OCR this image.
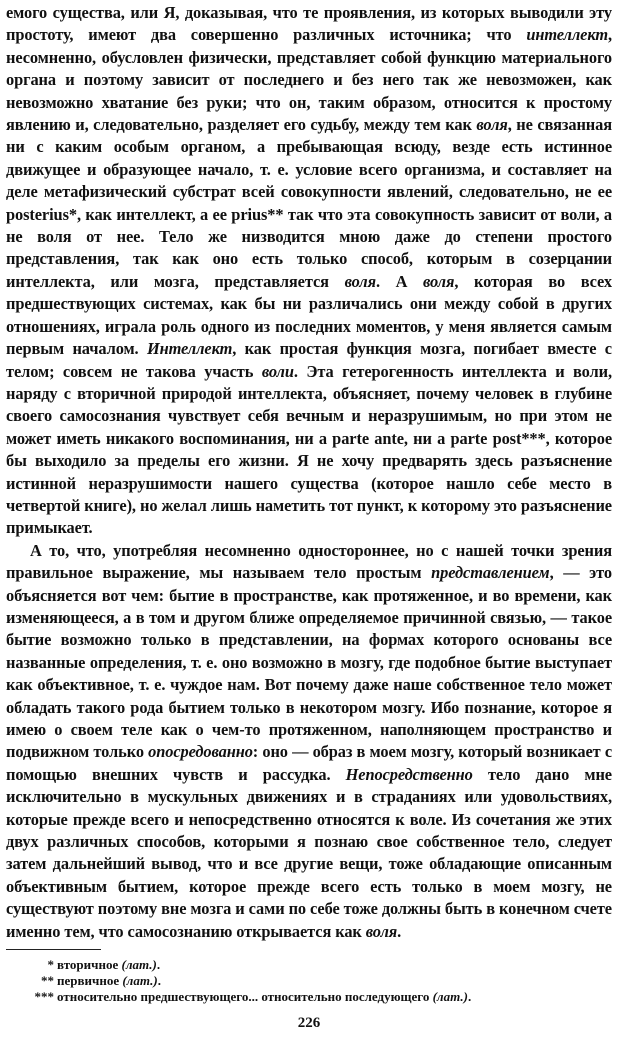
емого существа, или Я, доказывая, что те проявления, из которых выводили эту простоту, имеют два совершенно различных источника; что интеллект, несомненно, обусловлен физически, представляет собой функцию материального органа и поэтому зависит от последнего и без него так же невозможен, как невозможно хватание без руки; что он, таким образом, относится к простому явлению и, следовательно, разделяет его судьбу, между тем как воля, не связанная ни с каким особым органом, а пребывающая всюду, везде есть истинное движущее и образующее начало, т. е. условие всего организма, и составляет на деле метафизический субстрат всей совокупности явлений, следовательно, не ее posterius*, как интеллект, а ее prius** так что эта совокупность зависит от воли, а не воля от нее. Тело же низводится мною даже до степени простого представления, так как оно есть только способ, которым в созерцании интеллекта, или мозга, представляется воля. А воля, которая во всех предшествующих системах, как бы ни различались они между собой в других отношениях, играла роль одного из последних моментов, у меня является самым первым началом. Интеллект, как простая функция мозга, погибает вместе с телом; совсем не такова участь воли. Эта гетерогенность интеллекта и воли, наряду с вторичной природой интеллекта, объясняет, почему человек в глубине своего самосознания чувствует себя вечным и неразрушимым, но при этом не может иметь никакого воспоминания, ни a parte ante, ни a parte post***, которое бы выходило за пределы его жизни. Я не хочу предварять здесь разъяснение истинной неразрушимости нашего существа (которое нашло себе место в четвертой книге), но желал лишь наметить тот пункт, к которому это разъяснение примыкает.

А то, что, употребляя несомненно одностороннее, но с нашей точки зрения правильное выражение, мы называем тело простым представлением, — это объясняется вот чем: бытие в пространстве, как протяженное, и во времени, как изменяющееся, а в том и другом ближе определяемое причинной связью, — такое бытие возможно только в представлении, на формах которого основаны все названные определения, т. е. оно возможно в мозгу, где подобное бытие выступает как объективное, т. е. чуждое нам. Вот почему даже наше собственное тело может обладать такого рода бытием только в некотором мозгу. Ибо познание, которое я имею о своем теле как о чем-то протяженном, наполняющем пространство и подвижном только опосредованно: оно — образ в моем мозгу, который возникает с помощью внешних чувств и рассудка. Непосредственно тело дано мне исключительно в мускульных движениях и в страданиях или удовольствиях, которые прежде всего и непосредственно относятся к воле. Из сочетания же этих двух различных способов, которыми я познаю свое собственное тело, следует затем дальнейший вывод, что и все другие вещи, тоже обладающие описанным объективным бытием, которое прежде всего есть только в моем мозгу, не существуют поэтому вне мозга и сами по себе тоже должны быть в конечном счете именно тем, что самосознанию открывается как воля.

* вторичное (лат.).
** первичное (лат.).
*** относительно предшествующего... относительно последующего (лат.).
226
